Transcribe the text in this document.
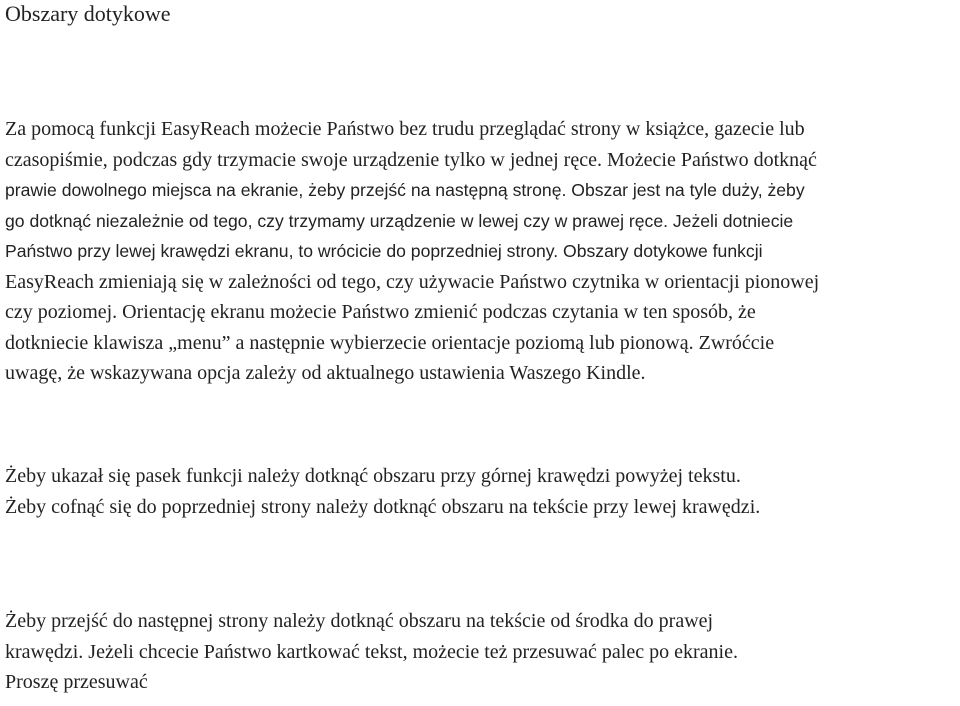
Obszary dotykowe

Za pomocą funkcji EasyReach możecie Państwo bez trudu przeglądać strony w książce, gazecie lub
czasopiśmie, podczas gdy trzymacie swoje urządzenie tylko w jednej ręce. Możecie Państwo dotknąć
prawie dowolnego miejsca na ekranie, żeby przejść na następną stronę. Obszar jest na tyle duży, żeby
go dotknąć niezależnie od tego, czy trzymamy urządzenie w lewej czy w prawej ręce. Jeżeli dotniecie
Państwo przy lewej krawędzi ekranu, to wrócicie do poprzedniej strony. Obszary dotykowe funkcji
EasyReach zmieniają się w zależności od tego, czy używacie Państwo czytnika w orientacji pionowej
czy poziomej. Orientację ekranu możecie Państwo zmienić podczas czytania w ten sposób, że
dotkniecie klawisza „menu” a następnie wybierzecie orientacje poziomą lub pionową. Zwróćcie
uwagę, że wskazywana opcja zależy od aktualnego ustawienia Waszego Kindle.

Żeby ukazał się pasek funkcji należy dotknąć obszaru przy górnej krawędzi powyżej tekstu.
Żeby cofnąć się do poprzedniej strony należy dotknąć obszaru na tekście przy lewej krawędzi.

Żeby przejść do następnej strony należy dotknąć obszaru na tekście od środka do prawej
krawędzi. Jeżeli chcecie Państwo kartkować tekst, możecie też przesuwać palec po ekranie.
Proszę przesuwać
